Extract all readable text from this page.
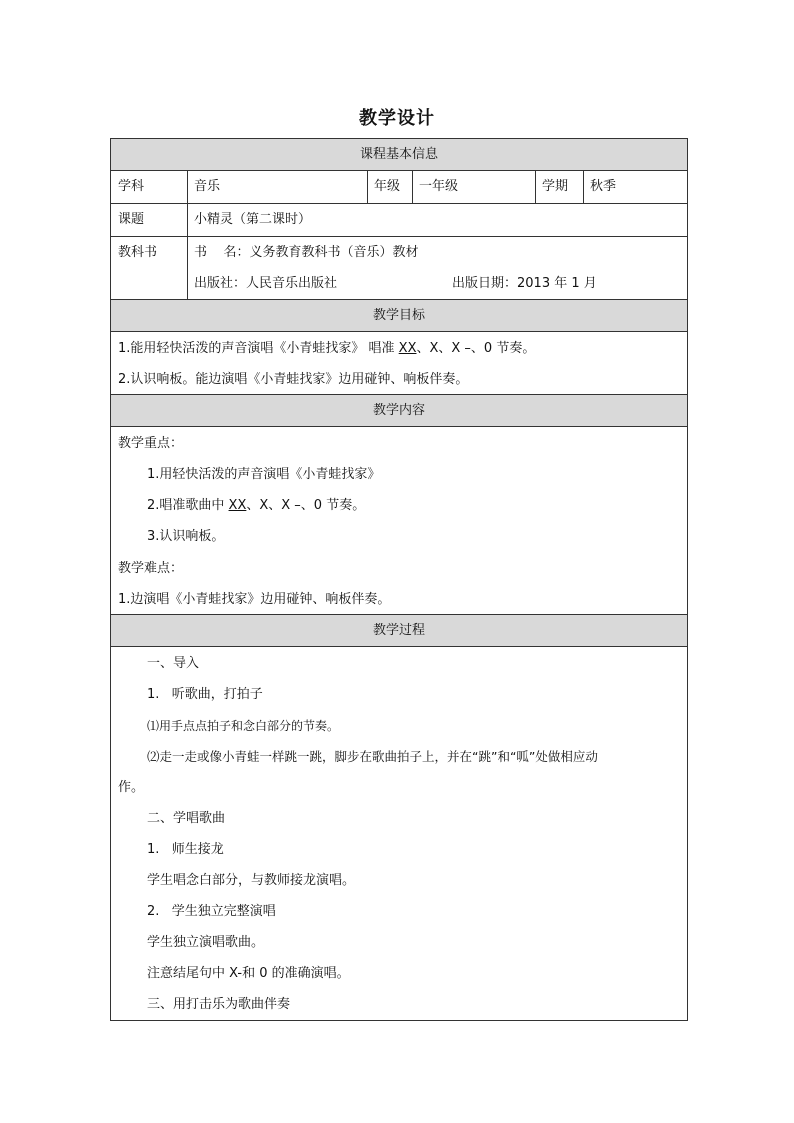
教学设计
课程基本信息
学科	音乐	年级 一年级	学期 秋季
课题	小精灵（第二课时）
教科书	书    名：义务教育教科书（音乐）教材
出版社：人民音乐出版社	出版日期：2013 年 1 月
教学目标
1.能用轻快活泼的声音演唱《小青蛙找家》 唱准 XX、X、X –、0 节奏。
2.认识响板。能边演唱《小青蛙找家》边用碰钟、响板伴奏。
教学内容
教学重点：
1.用轻快活泼的声音演唱《小青蛙找家》
2.唱准歌曲中 XX、X、X –、0 节奏。
3.认识响板。
教学难点：
1.边演唱《小青蛙找家》边用碰钟、响板伴奏。
教学过程
一、导入
1.   听歌曲，打拍子
⑴用手点点拍子和念白部分的节奏。
⑵走一走或像小青蛙一样跳一跳，脚步在歌曲拍子上，并在“跳”和“呱”处做相应动
作。
二、学唱歌曲
1.   师生接龙
学生唱念白部分，与教师接龙演唱。
2.   学生独立完整演唱
学生独立演唱歌曲。
注意结尾句中 X-和 0 的准确演唱。
三、用打击乐为歌曲伴奏
